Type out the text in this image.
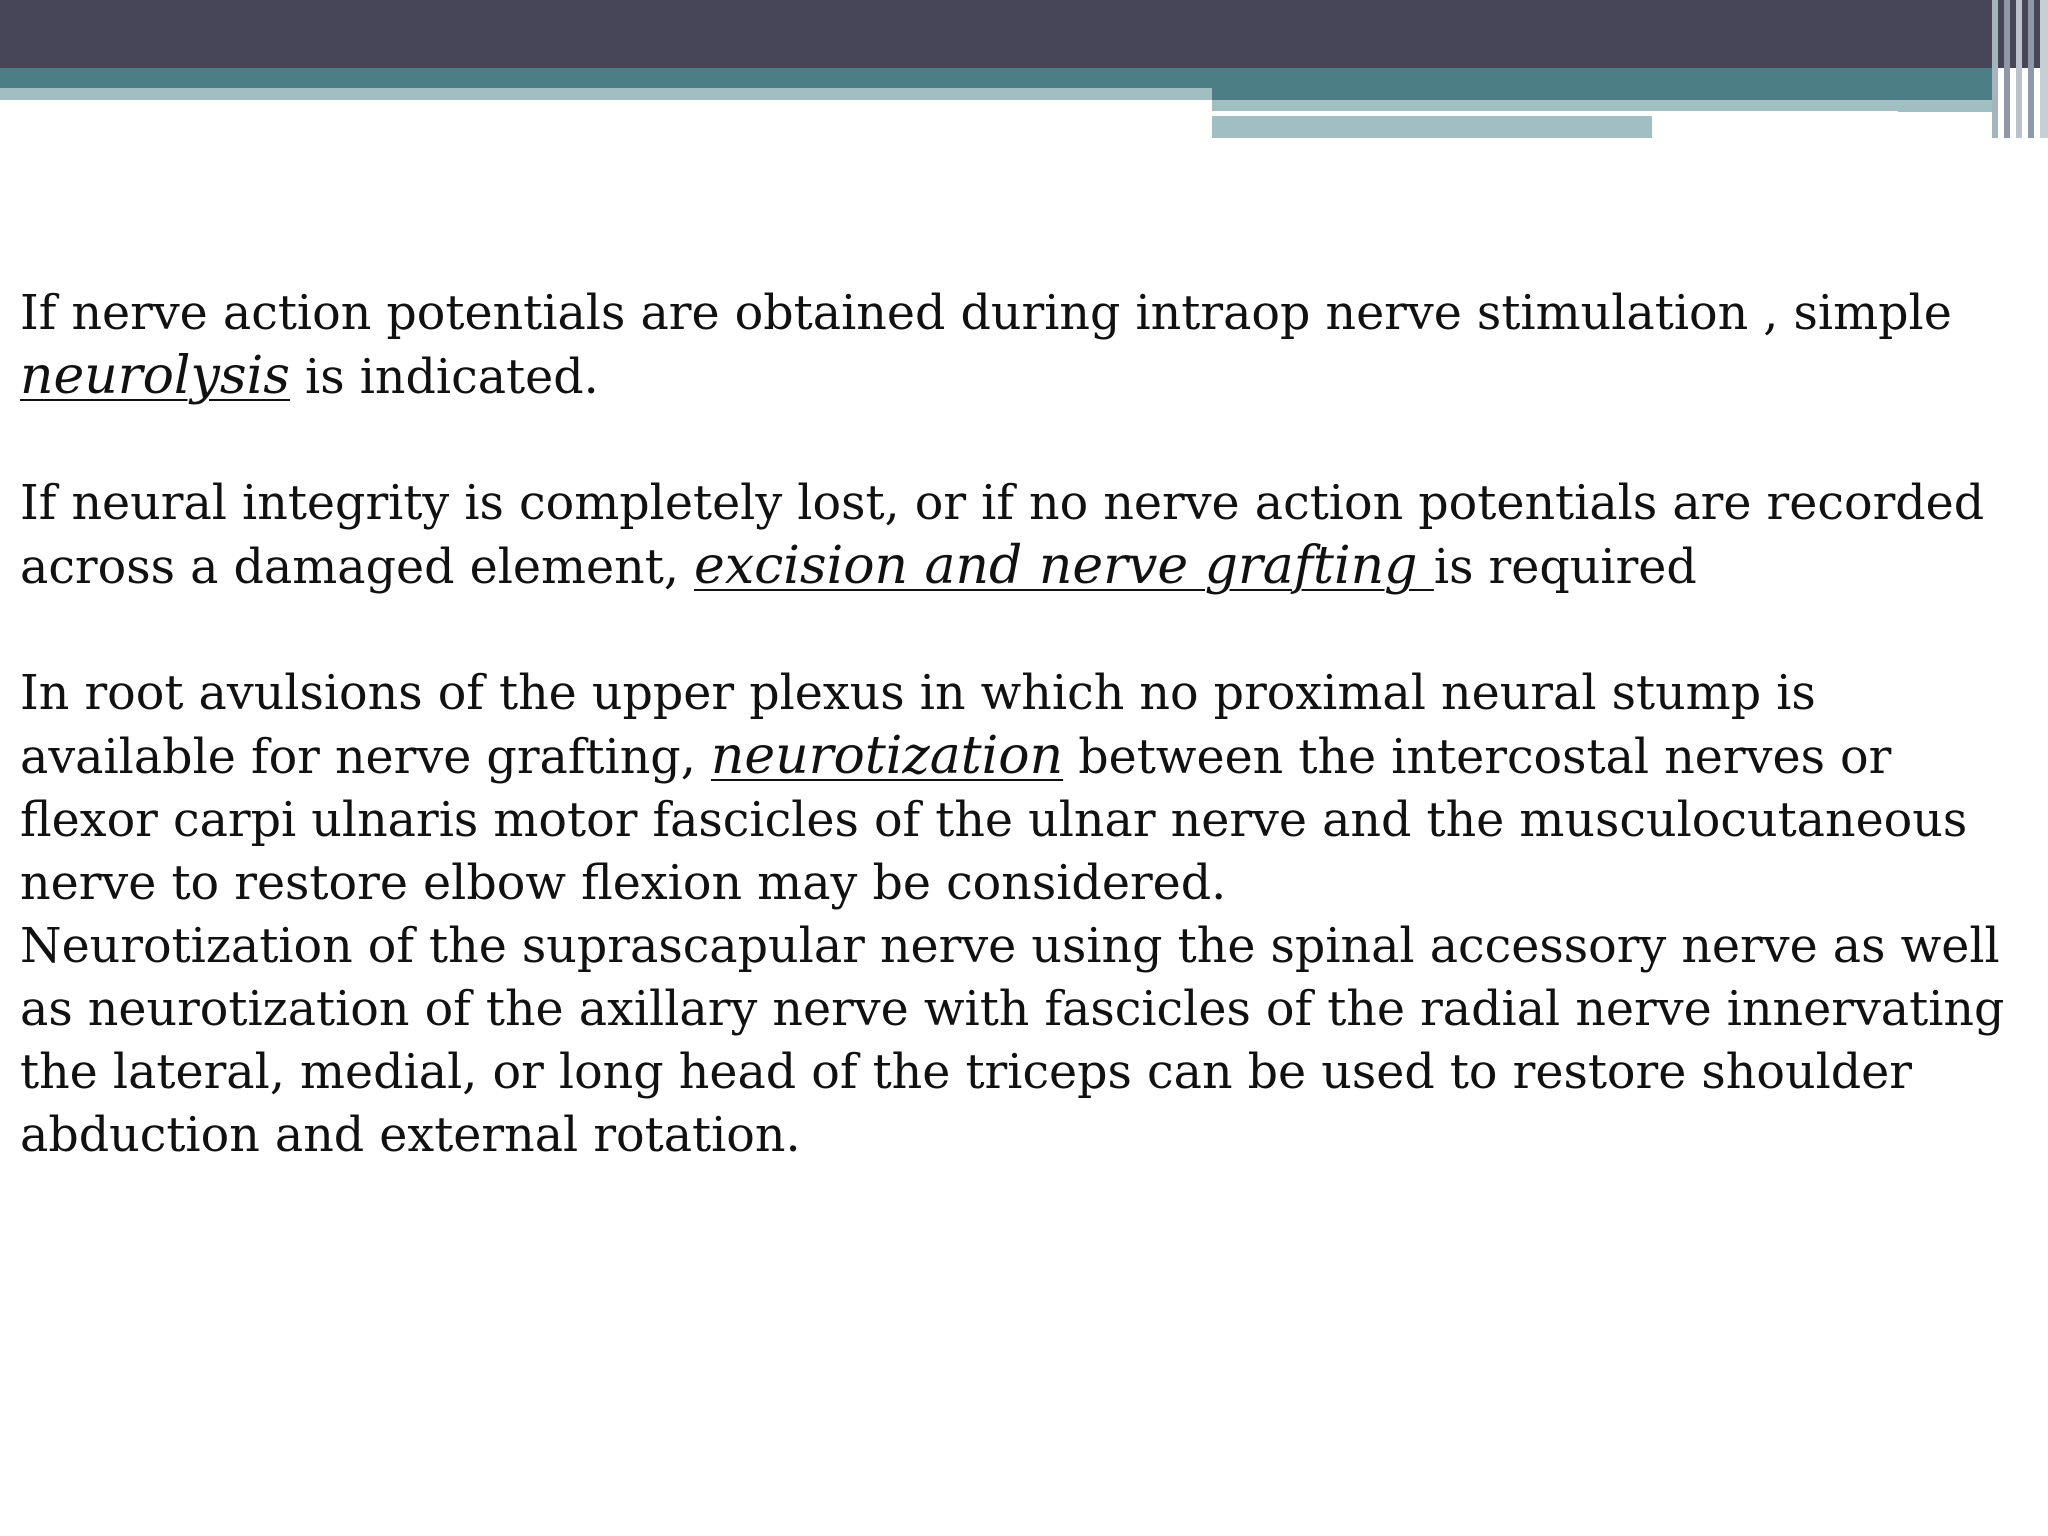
If nerve action potentials are obtained during intraop nerve stimulation , simple neurolysis is indicated.

If neural integrity is completely lost, or if no nerve action potentials are recorded across a damaged element, excision and nerve grafting is required

In root avulsions of the upper plexus in which no proximal neural stump is available for nerve grafting, neurotization between the intercostal nerves or flexor carpi ulnaris motor fascicles of the ulnar nerve and the musculocutaneous nerve to restore elbow flexion may be considered.

Neurotization of the suprascapular nerve using the spinal accessory nerve as well as neurotization of the axillary nerve with fascicles of the radial nerve innervating the lateral, medial, or long head of the triceps can be used to restore shoulder abduction and external rotation.
